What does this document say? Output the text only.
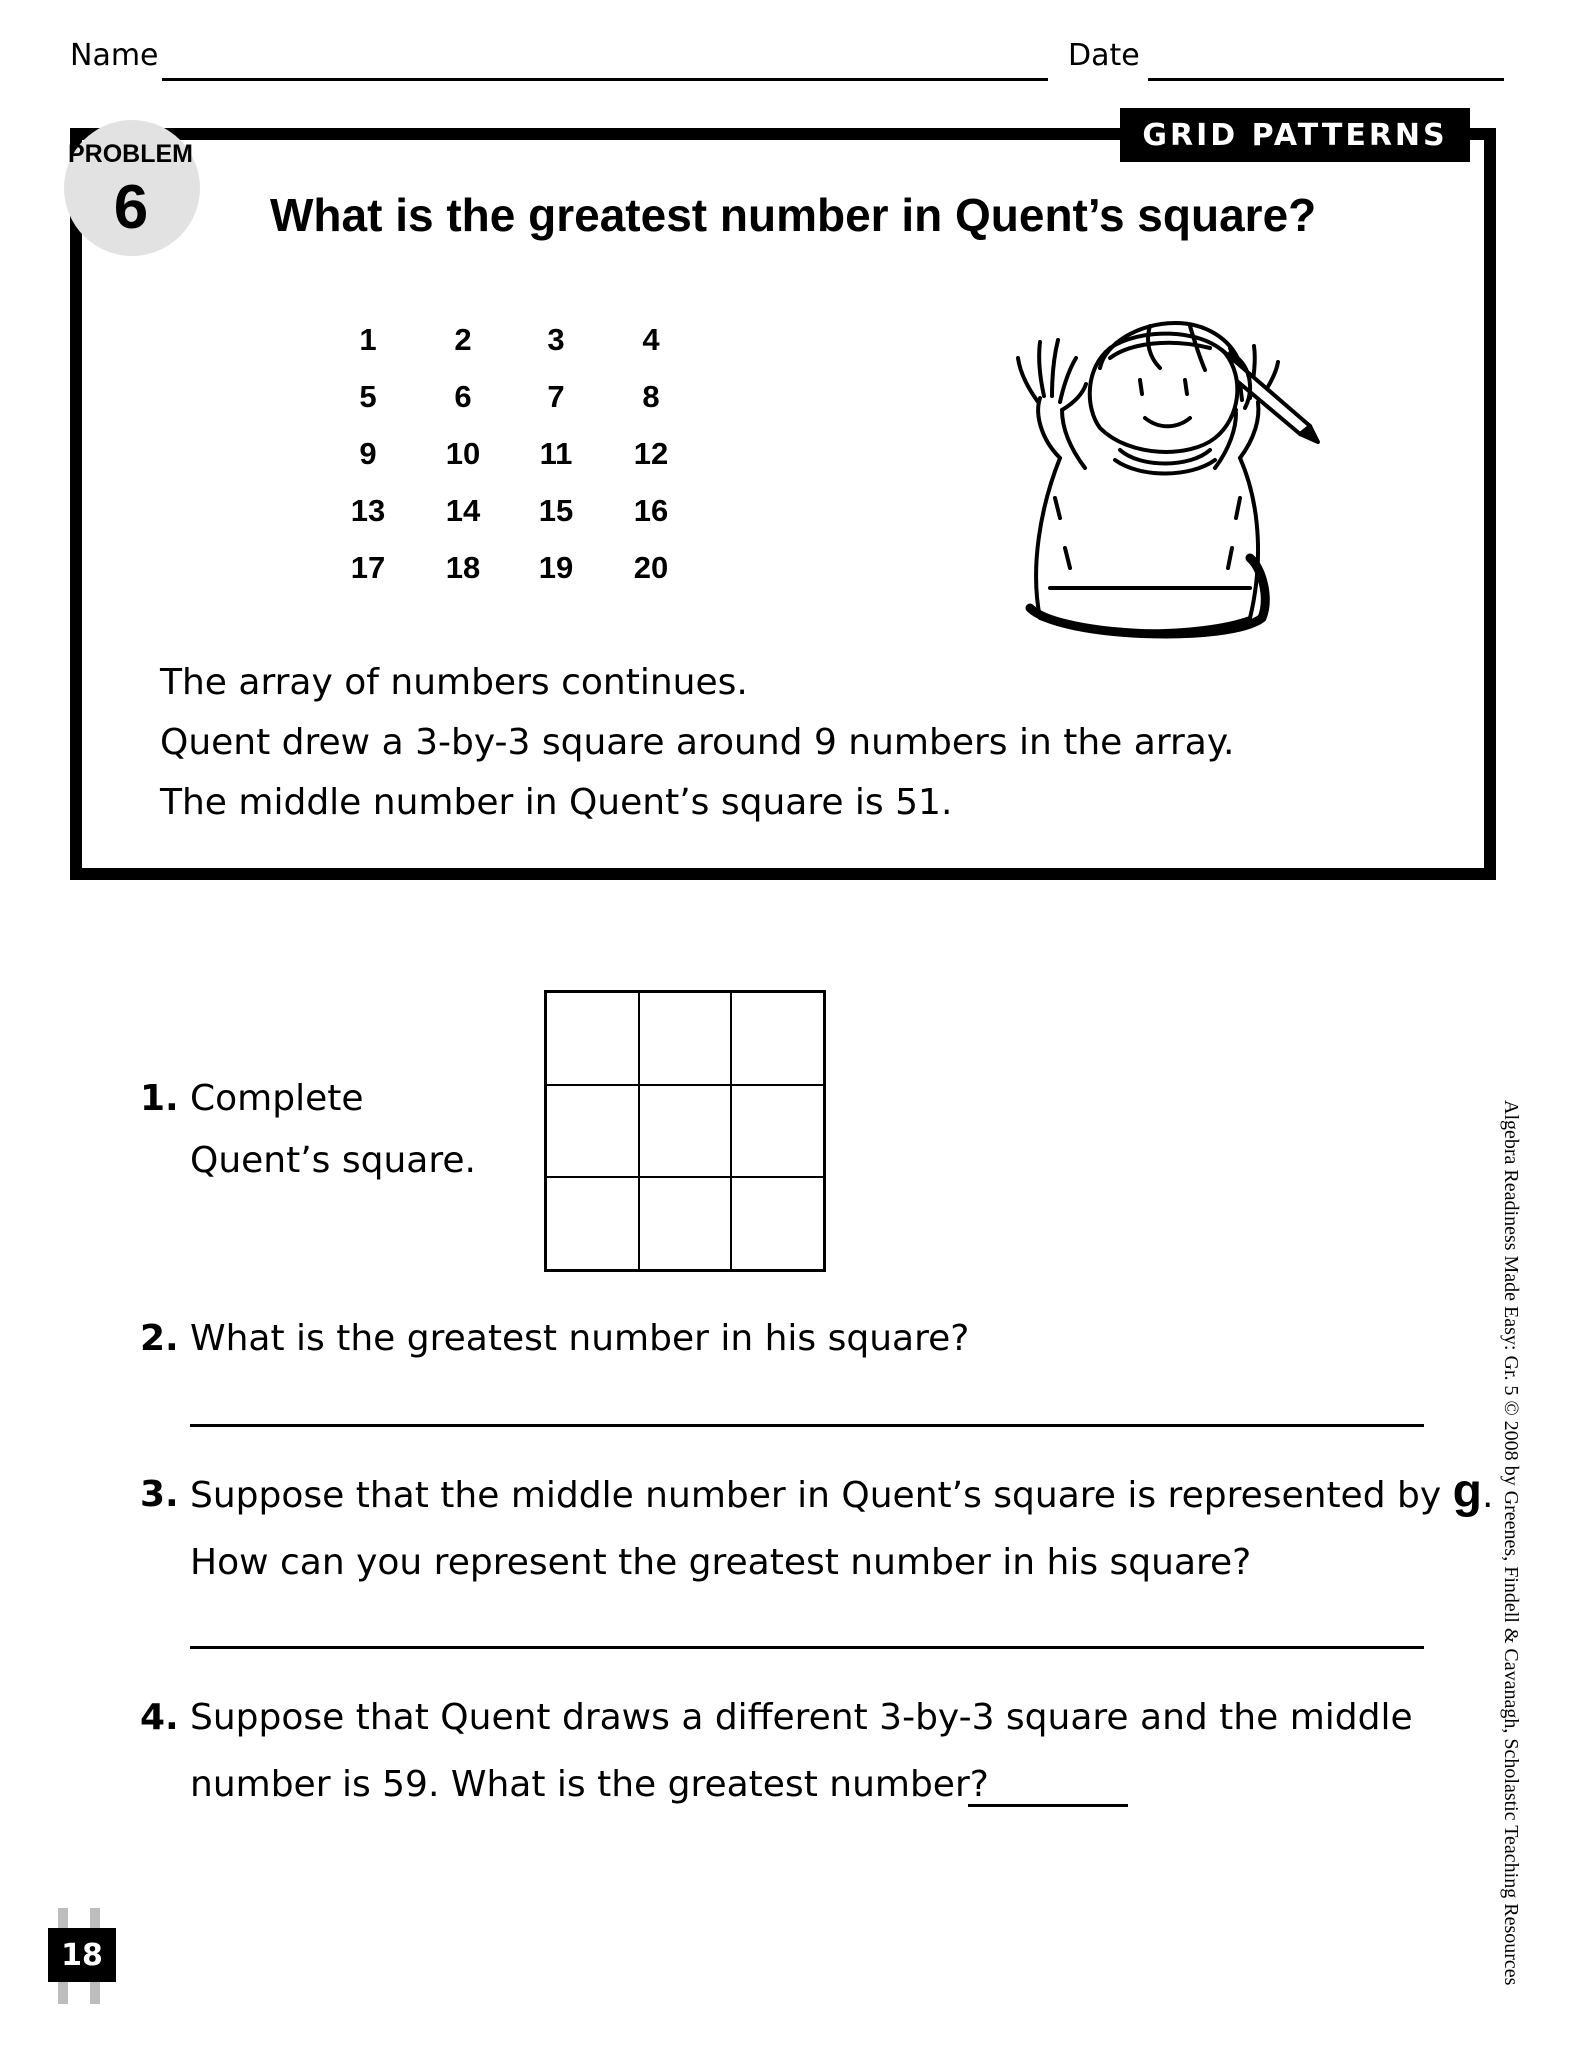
Name	Date
GRID PATTERNS
PROBLEM
6	What is the greatest number in Quent’s square?
1	2	3	4
5	6	7	8
9	10	11	12
13	14	15	16
17	18	19	20
The array of numbers continues.
Quent drew a 3-by-3 square around 9 numbers in the array.
The middle number in Quent’s square is 51.
1. Complete
Quent’s square.
2. What is the greatest number in his square?
3. Suppose that the middle number in Quent’s square is represented by g.
How can you represent the greatest number in his square?
4. Suppose that Quent draws a different 3-by-3 square and the middle
number is 59. What is the greatest number?	Algebra Readiness Made Easy: Gr. 5 © 2008 by Greenes, Findell & Cavanagh, Scholastic Teaching Resources
18
